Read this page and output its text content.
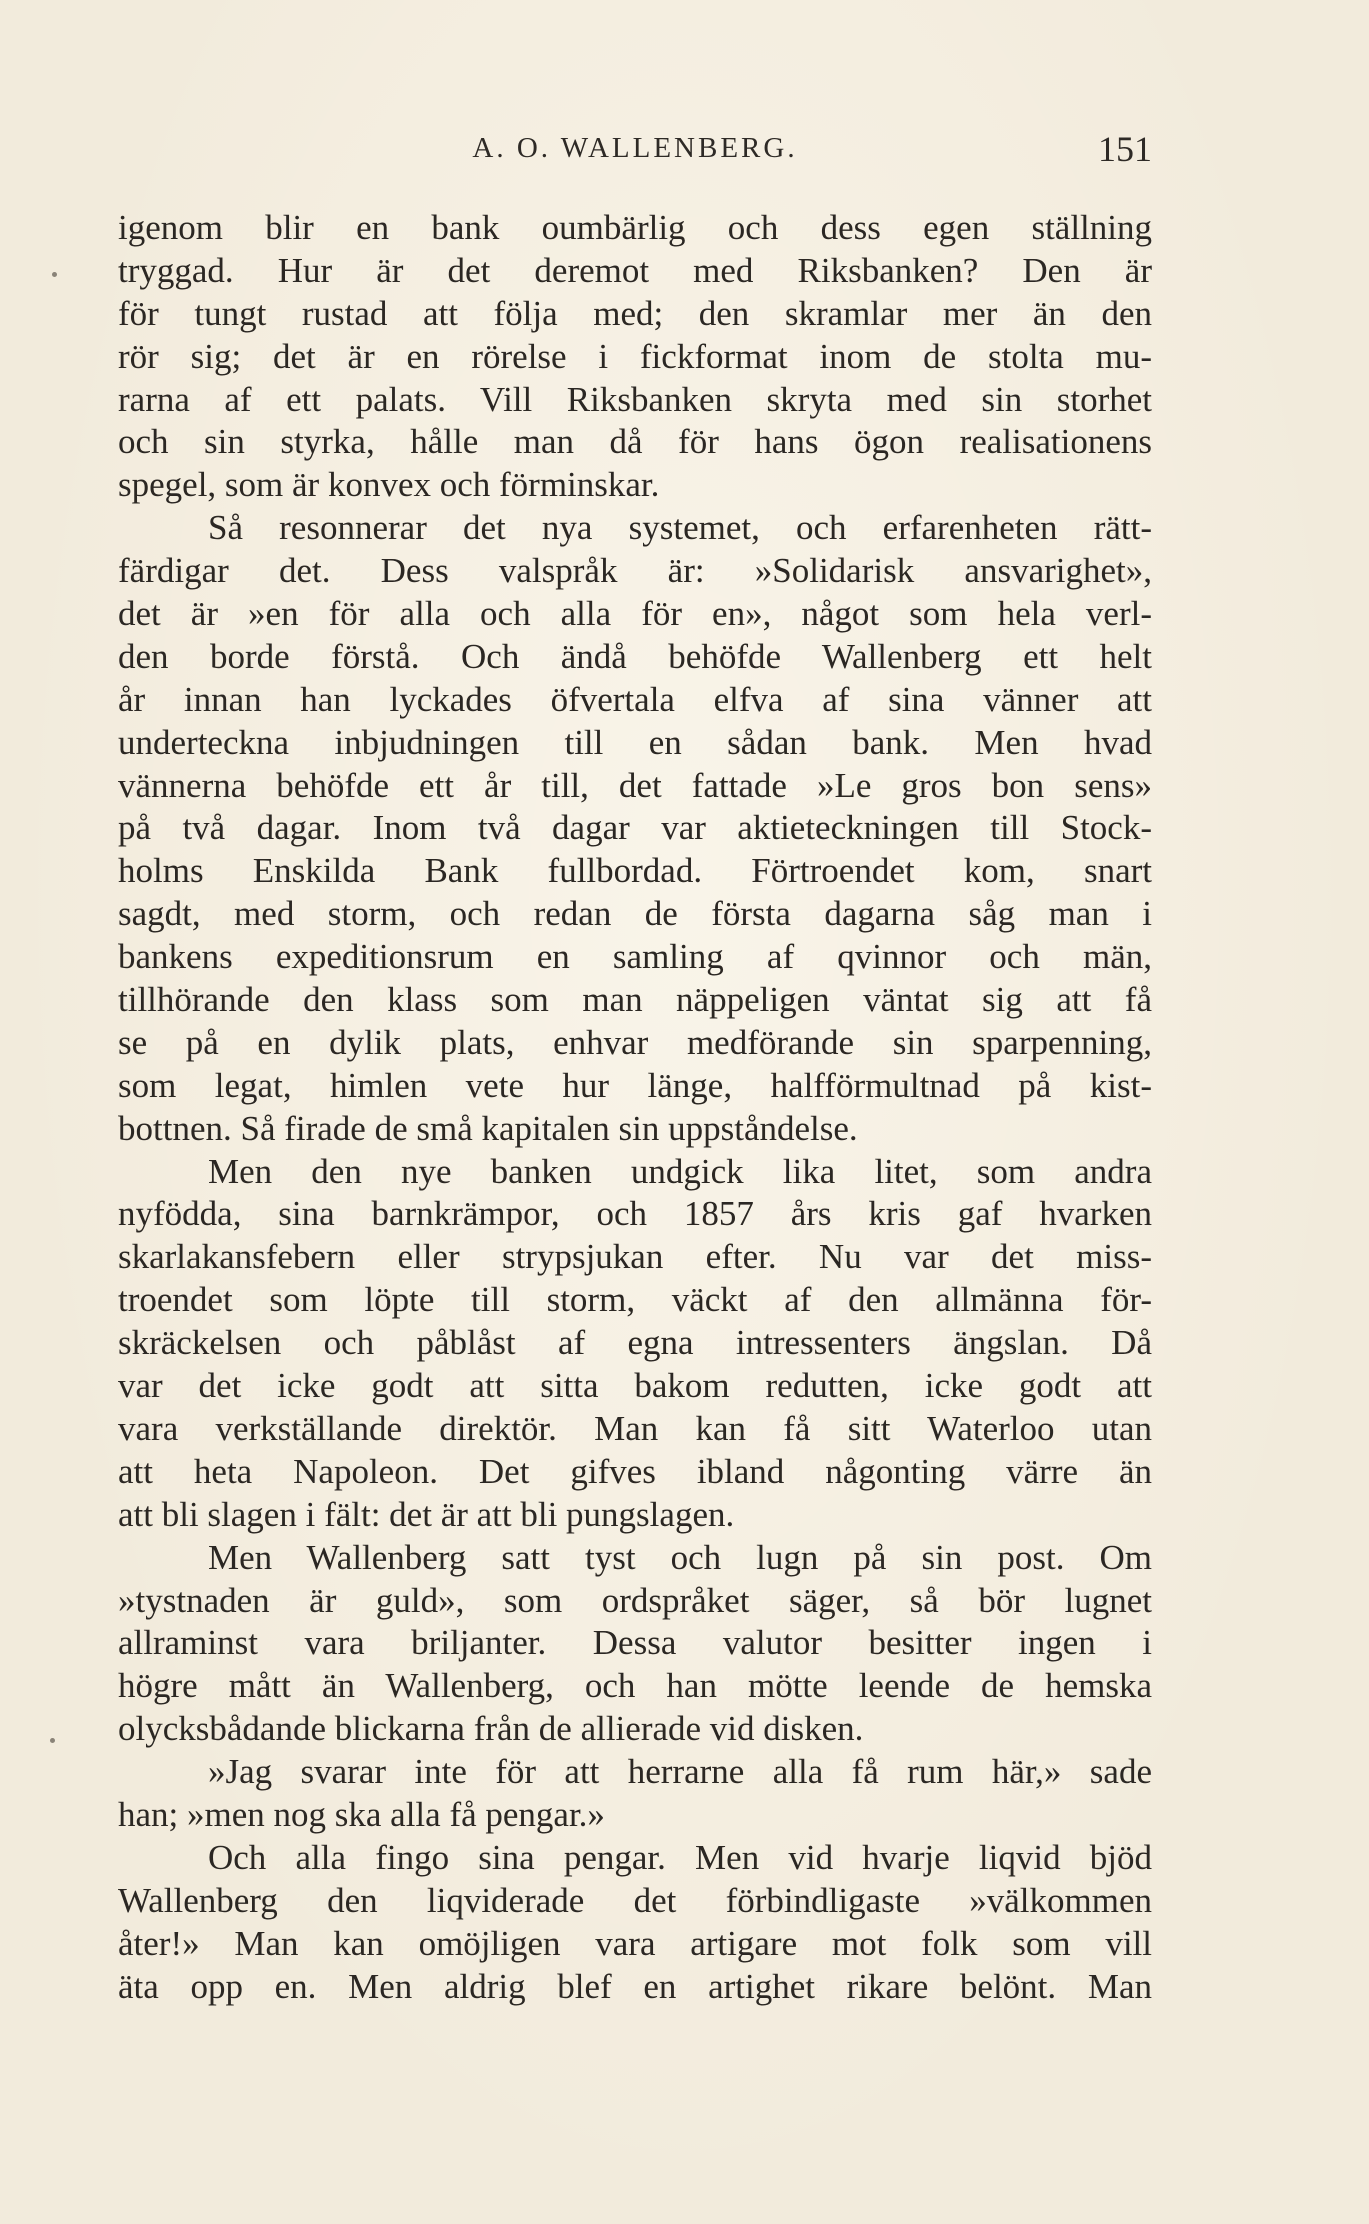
A. O. WALLENBERG.	151
igenom blir en bank oumbärlig och dess egen ställning
tryggad. Hur är det deremot med Riksbanken? Den är
för tungt rustad att följa med; den skramlar mer än den
rör sig; det är en rörelse i fickformat inom de stolta mu-
rarna af ett palats. Vill Riksbanken skryta med sin storhet
och sin styrka, hålle man då för hans ögon realisationens
spegel, som är konvex och förminskar.
Så resonnerar det nya systemet, och erfarenheten rätt-
färdigar det. Dess valspråk är: »Solidarisk ansvarighet»,
det är »en för alla och alla för en», något som hela verl-
den borde förstå. Och ändå behöfde Wallenberg ett helt
år innan han lyckades öfvertala elfva af sina vänner att
underteckna inbjudningen till en sådan bank. Men hvad
vännerna behöfde ett år till, det fattade »Le gros bon sens»
på två dagar. Inom två dagar var aktieteckningen till Stock-
holms Enskilda Bank fullbordad. Förtroendet kom, snart
sagdt, med storm, och redan de första dagarna såg man i
bankens expeditionsrum en samling af qvinnor och män,
tillhörande den klass som man näppeligen väntat sig att få
se på en dylik plats, enhvar medförande sin sparpenning,
som legat, himlen vete hur länge, halfförmultnad på kist-
bottnen. Så firade de små kapitalen sin uppståndelse.
Men den nye banken undgick lika litet, som andra
nyfödda, sina barnkrämpor, och 1857 års kris gaf hvarken
skarlakansfebern eller strypsjukan efter. Nu var det miss-
troendet som löpte till storm, väckt af den allmänna för-
skräckelsen och påblåst af egna intressenters ängslan. Då
var det icke godt att sitta bakom redutten, icke godt att
vara verkställande direktör. Man kan få sitt Waterloo utan
att heta Napoleon. Det gifves ibland någonting värre än
att bli slagen i fält: det är att bli pungslagen.
Men Wallenberg satt tyst och lugn på sin post. Om
»tystnaden är guld», som ordspråket säger, så bör lugnet
allraminst vara briljanter. Dessa valutor besitter ingen i
högre mått än Wallenberg, och han mötte leende de hemska
olycksbådande blickarna från de allierade vid disken.
»Jag svarar inte för att herrarne alla få rum här,» sade
han; »men nog ska alla få pengar.»
Och alla fingo sina pengar. Men vid hvarje liqvid bjöd
Wallenberg den liqviderade det förbindligaste »välkommen
åter!» Man kan omöjligen vara artigare mot folk som vill
äta opp en. Men aldrig blef en artighet rikare belönt. Man
